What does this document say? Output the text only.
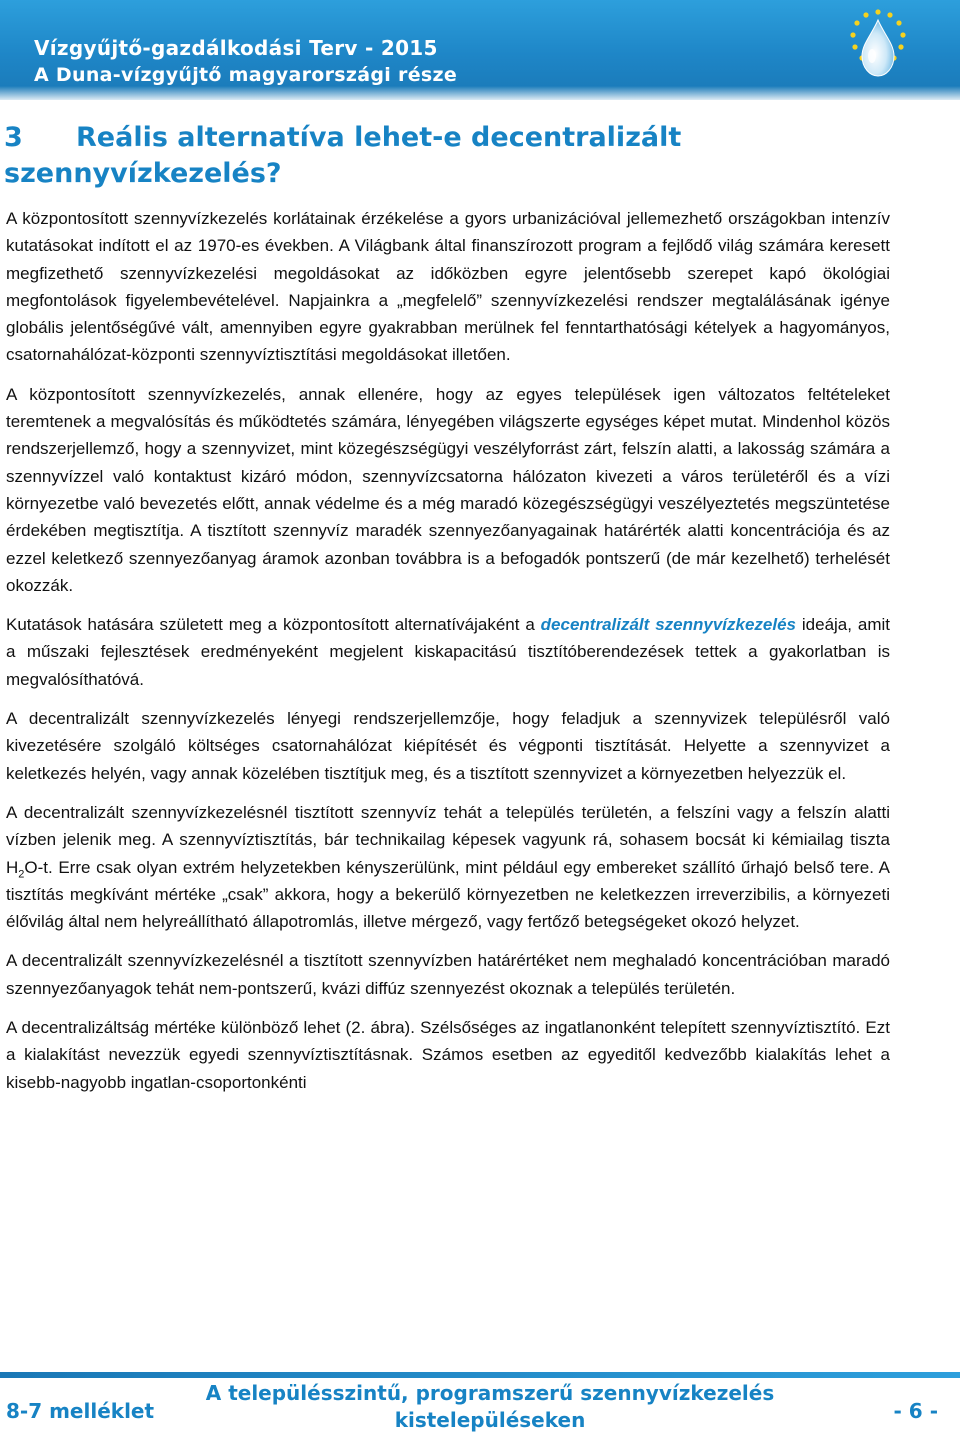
Vízgyűjtő-gazdálkodási Terv - 2015
A Duna-vízgyűjtő magyarországi része
3 Reális alternatíva lehet-e decentralizált szennyvízkezelés?

A központosított szennyvízkezelés korlátainak érzékelése a gyors urbanizációval jellemezhető országokban intenzív kutatásokat indított el az 1970-es években. A Világbank által finanszírozott program a fejlődő világ számára keresett megfizethető szennyvízkezelési megoldásokat az időközben egyre jelentősebb szerepet kapó ökológiai megfontolások figyelembevételével. Napjainkra a „megfelelő” szennyvízkezelési rendszer megtalálásának igénye globális jelentőségűvé vált, amennyiben egyre gyakrabban merülnek fel fenntarthatósági kételyek a hagyományos, csatornahálózat-központi szennyvíztisztítási megoldásokat illetően.

A központosított szennyvízkezelés, annak ellenére, hogy az egyes települések igen változatos feltételeket teremtenek a megvalósítás és működtetés számára, lényegében világszerte egységes képet mutat. Mindenhol közös rendszerjellemző, hogy a szennyvizet, mint közegészségügyi veszélyforrást zárt, felszín alatti, a lakosság számára a szennyvízzel való kontaktust kizáró módon, szennyvízcsatorna hálózaton kivezeti a város területéről és a vízi környezetbe való bevezetés előtt, annak védelme és a még maradó közegészségügyi veszélyeztetés megszüntetése érdekében megtisztítja. A tisztított szennyvíz maradék szennyezőanyagainak határérték alatti koncentrációja és az ezzel keletkező szennyezőanyag áramok azonban továbbra is a befogadók pontszerű (de már kezelhető) terhelését okozzák.

Kutatások hatására született meg a központosított alternatívájaként a decentralizált szennyvízkezelés ideája, amit a műszaki fejlesztések eredményeként megjelent kiskapacitású tisztítóberendezések tettek a gyakorlatban is megvalósíthatóvá.

A decentralizált szennyvízkezelés lényegi rendszerjellemzője, hogy feladjuk a szennyvizek településről való kivezetésére szolgáló költséges csatornahálózat kiépítését és végponti tisztítását. Helyette a szennyvizet a keletkezés helyén, vagy annak közelében tisztítjuk meg, és a tisztított szennyvizet a környezetben helyezzük el.

A decentralizált szennyvízkezelésnél tisztított szennyvíz tehát a település területén, a felszíni vagy a felszín alatti vízben jelenik meg. A szennyvíztisztítás, bár technikailag képesek vagyunk rá, sohasem bocsát ki kémiailag tiszta $H_2O-t$. Erre csak olyan extrém helyzetekben kényszerülünk, mint például egy embereket szállító űrhajó belső tere. A tisztítás megkívánt mértéke „csak” akkora, hogy a bekerülő környezetben ne keletkezzen irreverzibilis, a környezeti élővilág által nem helyreállítható állapotromlás, illetve mérgező, vagy fertőző betegségeket okozó helyzet.

A decentralizált szennyvízkezelésnél a tisztított szennyvízben határértéket nem meghaladó koncentrációban maradó szennyezőanyagok tehát nem-pontszerű, kvázi diffúz szennyezést okoznak a település területén.

A decentralizáltság mértéke különböző lehet (2. ábra). Szélsőséges az ingatlanonként telepített szennyvíztisztító. Ezt a kialakítást nevezzük egyedi szennyvíztisztításnak. Számos esetben az egyeditől kedvezőbb kialakítás lehet a kisebb-nagyobb ingatlan-csoportonkénti

8-7 melléklet
A településszintű, programszerű szennyvízkezelés kistelepüléseken	- 6 -
